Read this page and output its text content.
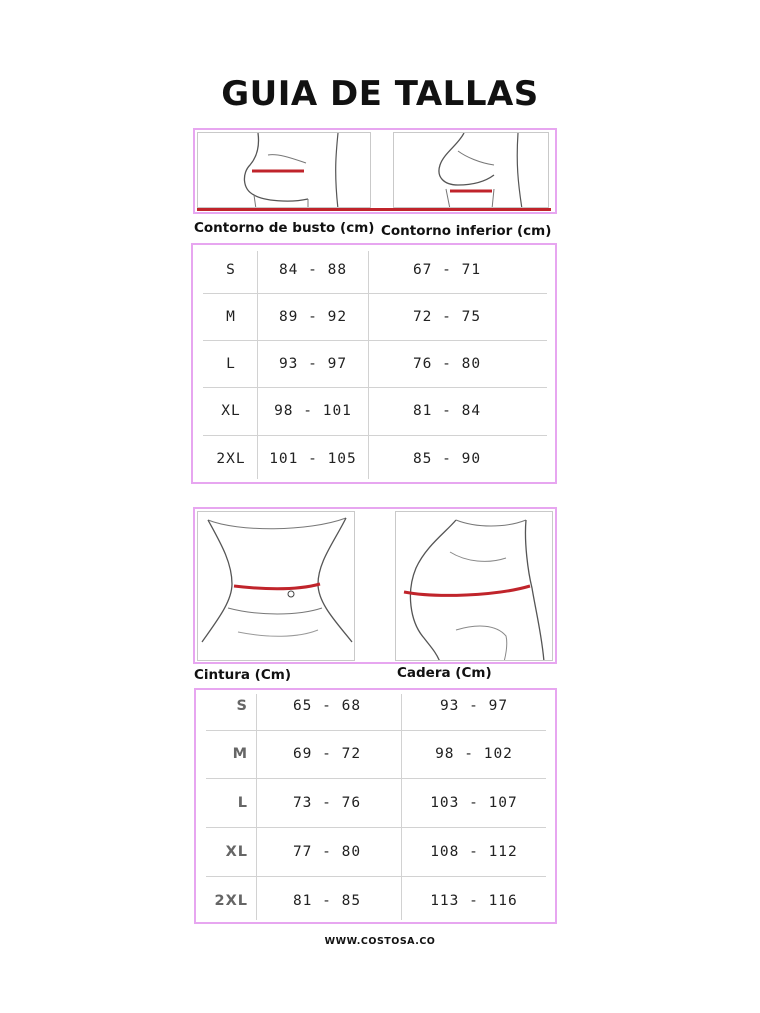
GUIA DE TALLAS
Contorno de busto (cm) Contorno inferior (cm)
S	84 - 88	67 - 71
M	89 - 92	72 - 75
L	93 - 97	76 - 80
XL	98 - 101	81 - 84
2XL	101 - 105	85 - 90
Cintura (Cm)	Cadera (Cm)
S	65 - 68	93 - 97
M	69 - 72	98 - 102
L	73 - 76	103 - 107
XL	77 - 80	108 - 112
2XL	81 - 85	113 - 116
WWW.COSTOSA.CO
